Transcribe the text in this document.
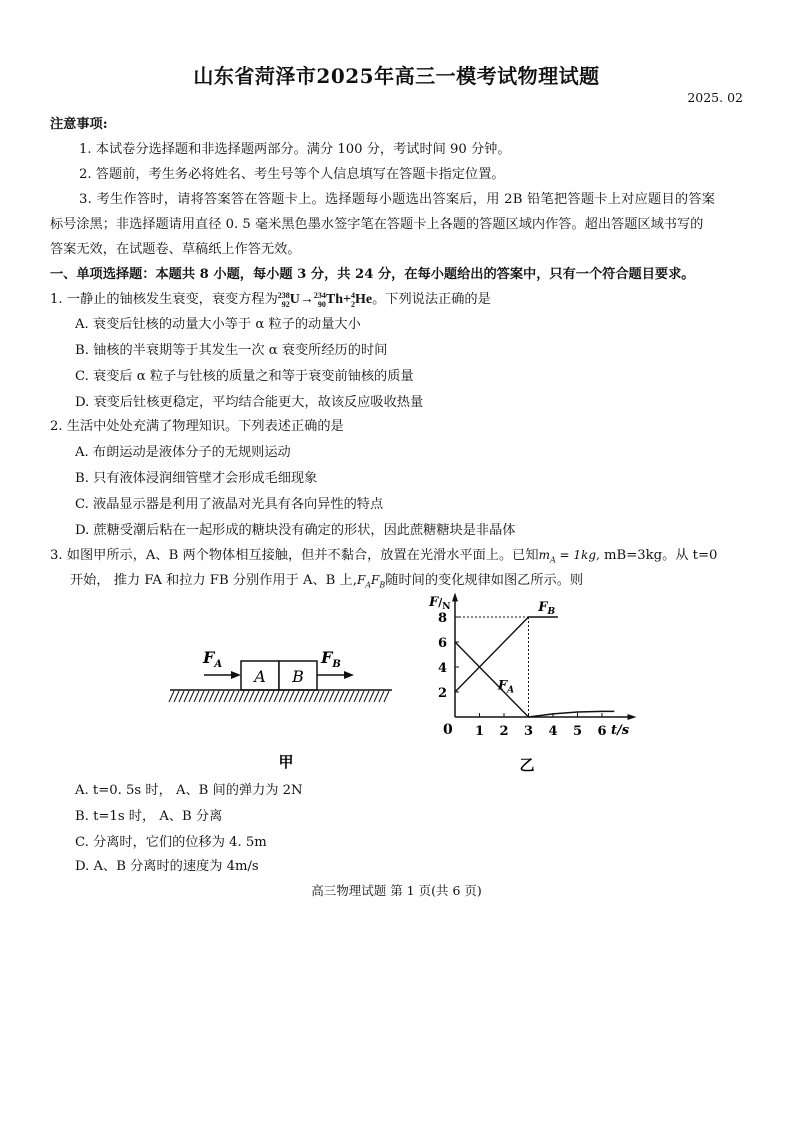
山东省菏泽市2025年高三一模考试物理试题
2025. 02
注意事项:
1. 本试卷分选择题和非选择题两部分。满分 100 分，考试时间 90 分钟。
2. 答题前，考生务必将姓名、考生号等个人信息填写在答题卡指定位置。
3. 考生作答时，请将答案答在答题卡上。选择题每小题选出答案后，用 2B 铅笔把答题卡上对应题目的答案
标号涂黑；非选择题请用直径 0. 5 毫米黑色墨水签字笔在答题卡上各题的答题区域内作答。超出答题区域书写的
答案无效，在试题卷、草稿纸上作答无效。
一、单项选择题：本题共 8 小题，每小题 3 分，共 24 分，在每小题给出的答案中，只有一个符合题目要求。
1. 一静止的铀核发生衰变，衰变方程为 238
92 U→ 234
90 Th+ 4
2 He。下列说法正确的是
A. 衰变后钍核的动量大小等于 α 粒子的动量大小
B. 铀核的半衰期等于其发生一次 α 衰变所经历的时间
C. 衰变后 α 粒子与钍核的质量之和等于衰变前铀核的质量
D. 衰变后钍核更稳定，平均结合能更大，故该反应吸收热量
2. 生活中处处充满了物理知识。下列表述正确的是
A. 布朗运动是液体分子的无规则运动
B. 只有液体浸润细管壁才会形成毛细现象
C. 液晶显示器是利用了液晶对光具有各向异性的特点
D. 蔗糖受潮后粘在一起形成的糖块没有确定的形状，因此蔗糖糖块是非晶体
3. 如图甲所示，A、B 两个物体相互接触，但并不黏合，放置在光滑水平面上。已知$m_A = 1kg$, mB=3kg。从 t=0
开始， 推力 FA 和拉力 FB 分别作用于 A、B 上$,F_AF_B$随时间的变化规律如图乙所示。则
$F_A$
A B
$F_B$
甲
1 2 3 4 5 6
2
4
6
8
$F_B$
$F_A$
$F/_N$
t/s
0
乙
A. t=0. 5s 时， A、B 间的弹力为 2N
B. t=1s 时， A、B 分离
C. 分离时，它们的位移为 4. 5m
D. A、B 分离时的速度为 4m/s
高三物理试题 第 1 页(共 6 页)
